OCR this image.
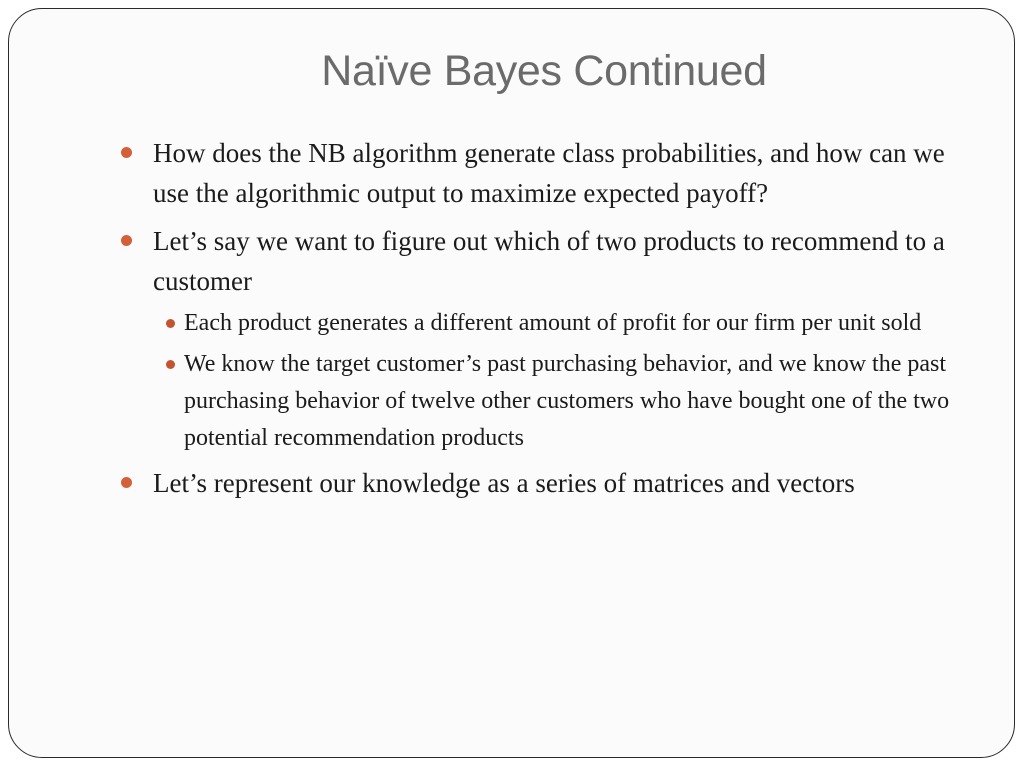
Naïve Bayes Continued
How does the NB algorithm generate class probabilities, and how can we use the algorithmic output to maximize expected payoff?
Let’s say we want to figure out which of two products to recommend to a customer
Each product generates a different amount of profit for our firm per unit sold
We know the target customer’s past purchasing behavior, and we know the past purchasing behavior of twelve other customers who have bought one of the two potential recommendation products
Let’s represent our knowledge as a series of matrices and vectors
